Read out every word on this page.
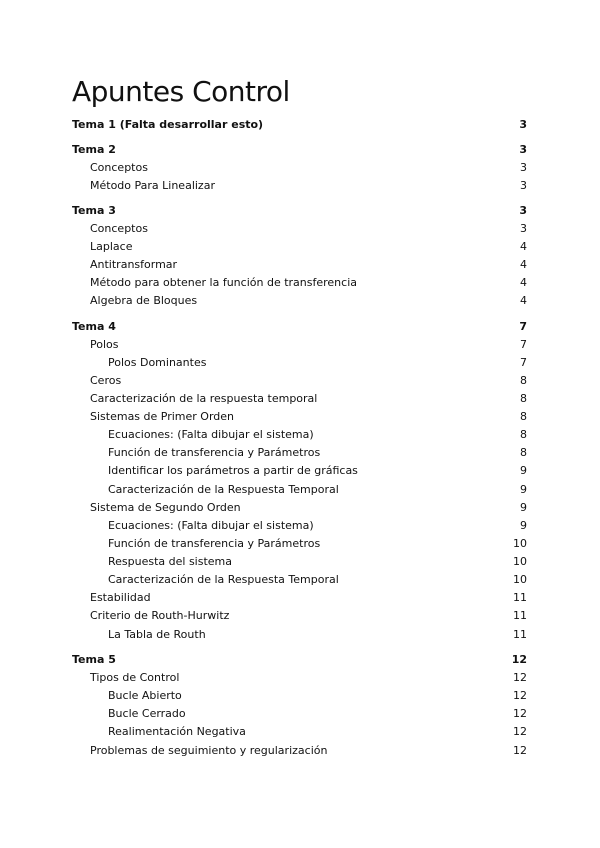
Apuntes Control
Tema 1 (Falta desarrollar esto)	3
Tema 2	3
Conceptos	3
Método Para Linealizar	3
Tema 3	3
Conceptos	3
Laplace	4
Antitransformar	4
Método para obtener la función de transferencia	4
Algebra de Bloques	4
Tema 4	7
Polos	7
Polos Dominantes	7
Ceros	8
Caracterización de la respuesta temporal	8
Sistemas de Primer Orden	8
Ecuaciones: (Falta dibujar el sistema)	8
Función de transferencia y Parámetros	8
Identificar los parámetros a partir de gráficas	9
Caracterización de la Respuesta Temporal	9
Sistema de Segundo Orden	9
Ecuaciones: (Falta dibujar el sistema)	9
Función de transferencia y Parámetros	10
Respuesta del sistema	10
Caracterización de la Respuesta Temporal	10
Estabilidad	11
Criterio de Routh-Hurwitz	11
La Tabla de Routh	11
Tema 5	12
Tipos de Control	12
Bucle Abierto	12
Bucle Cerrado	12
Realimentación Negativa	12
Problemas de seguimiento y regularización	12
